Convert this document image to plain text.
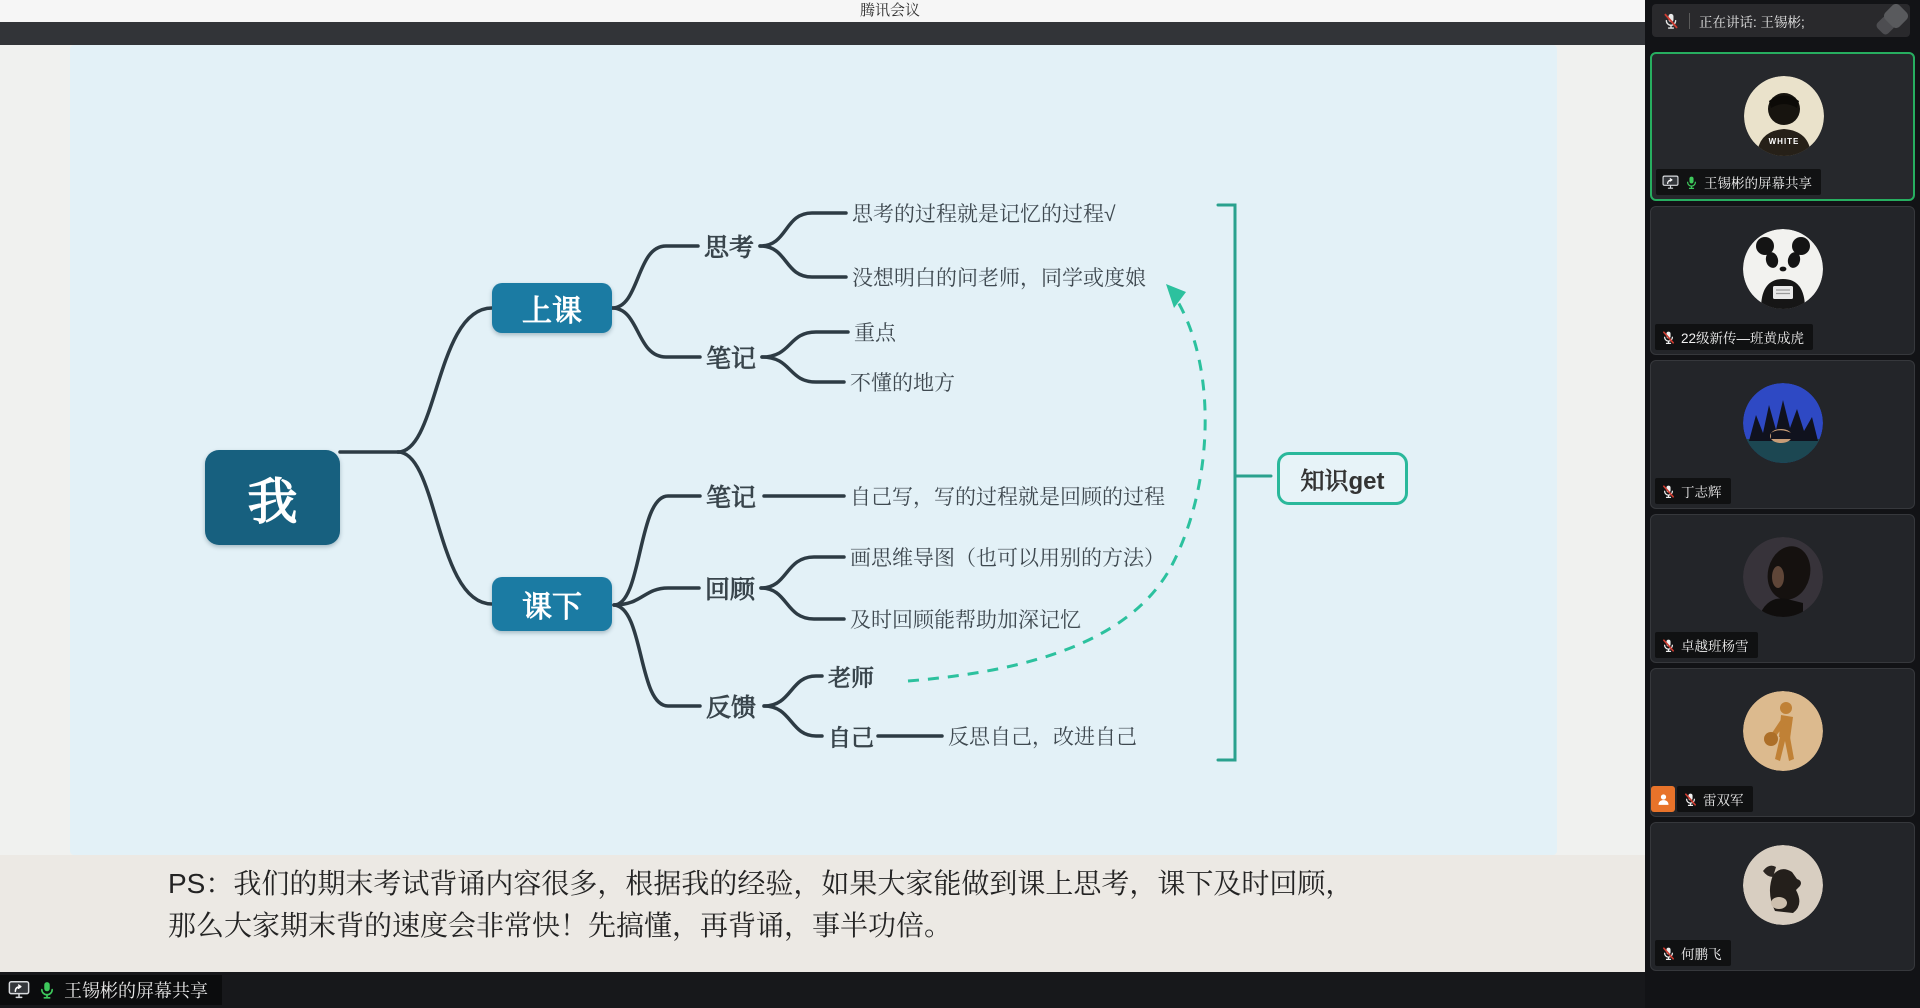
腾讯会议
我
上课
课下
思考
笔记
思考的过程就是记忆的过程√
没想明白的问老师，同学或度娘
重点
不懂的地方
笔记	自己写，写的过程就是回顾的过程
回顾
画思维导图（也可以用别的方法）
及时回顾能帮助加深记忆
反馈
老师
自己	反思自己，改进自己
知识get
PS：我们的期末考试背诵内容很多，根据我的经验，如果大家能做到课上思考，课下及时回顾，
那么大家期末背的速度会非常快！先搞懂，再背诵，事半功倍。
王锡彬的屏幕共享
正在讲话: 王锡彬;
WHITE
王锡彬的屏幕共享
22级新传—班黄成虎
丁志辉
卓越班杨雪
雷双军
何鹏飞
